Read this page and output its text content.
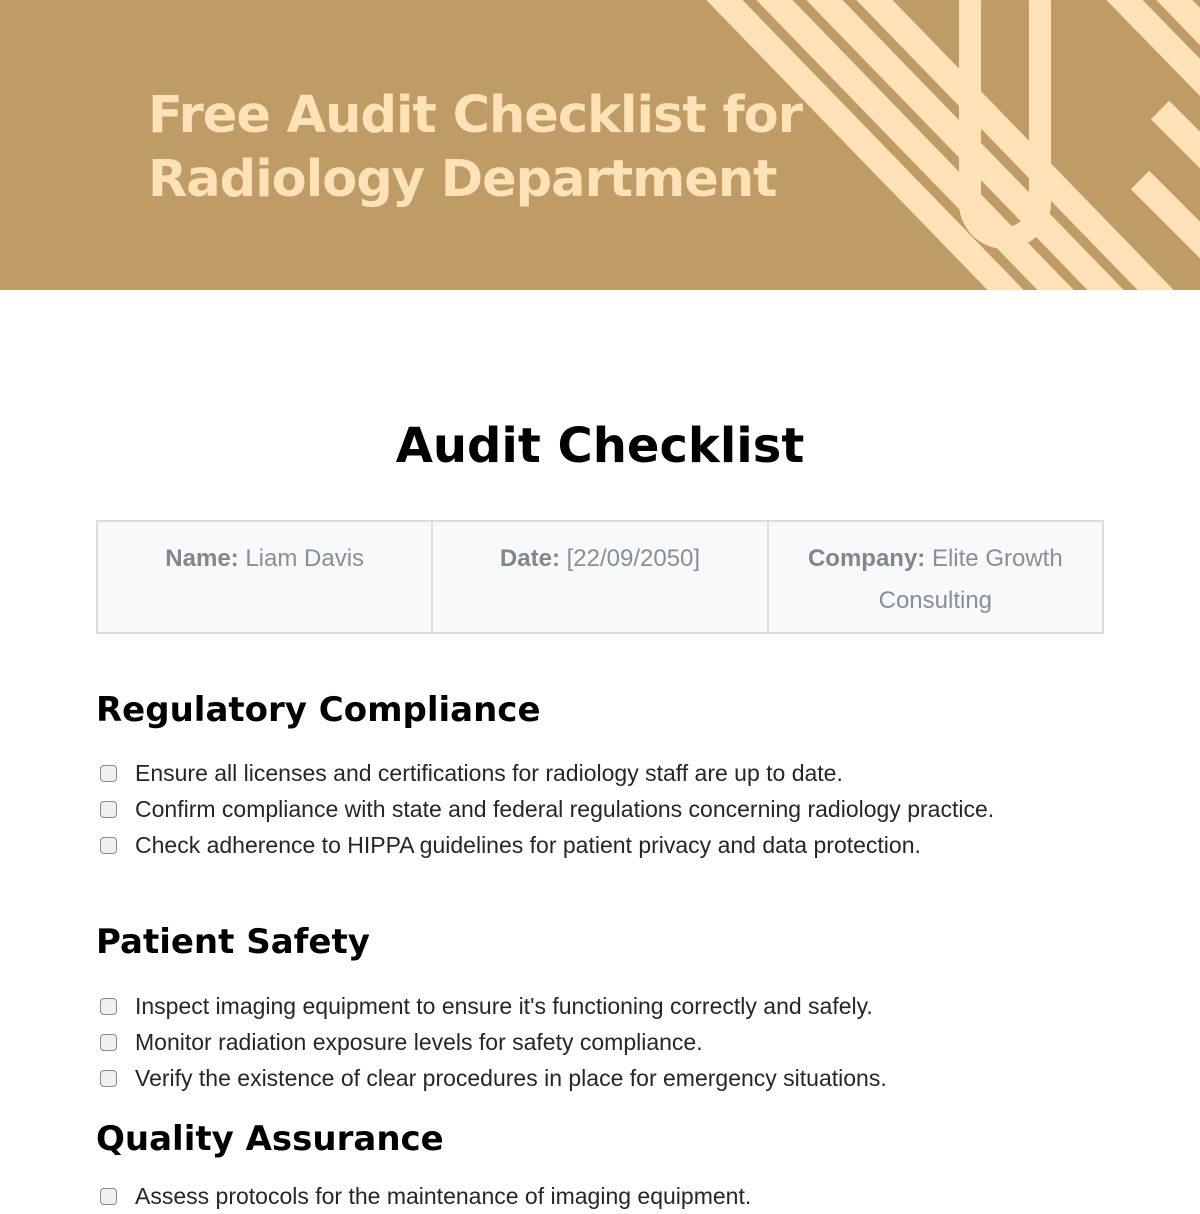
Free Audit Checklist for
Radiology Department
Audit Checklist
Name: Liam Davis	Date: [22/09/2050]	Company: Elite Growth Consulting
Regulatory Compliance
Ensure all licenses and certifications for radiology staff are up to date.
Confirm compliance with state and federal regulations concerning radiology practice.
Check adherence to HIPPA guidelines for patient privacy and data protection.
Patient Safety
Inspect imaging equipment to ensure it's functioning correctly and safely.
Monitor radiation exposure levels for safety compliance.
Verify the existence of clear procedures in place for emergency situations.
Quality Assurance
Assess protocols for the maintenance of imaging equipment.
